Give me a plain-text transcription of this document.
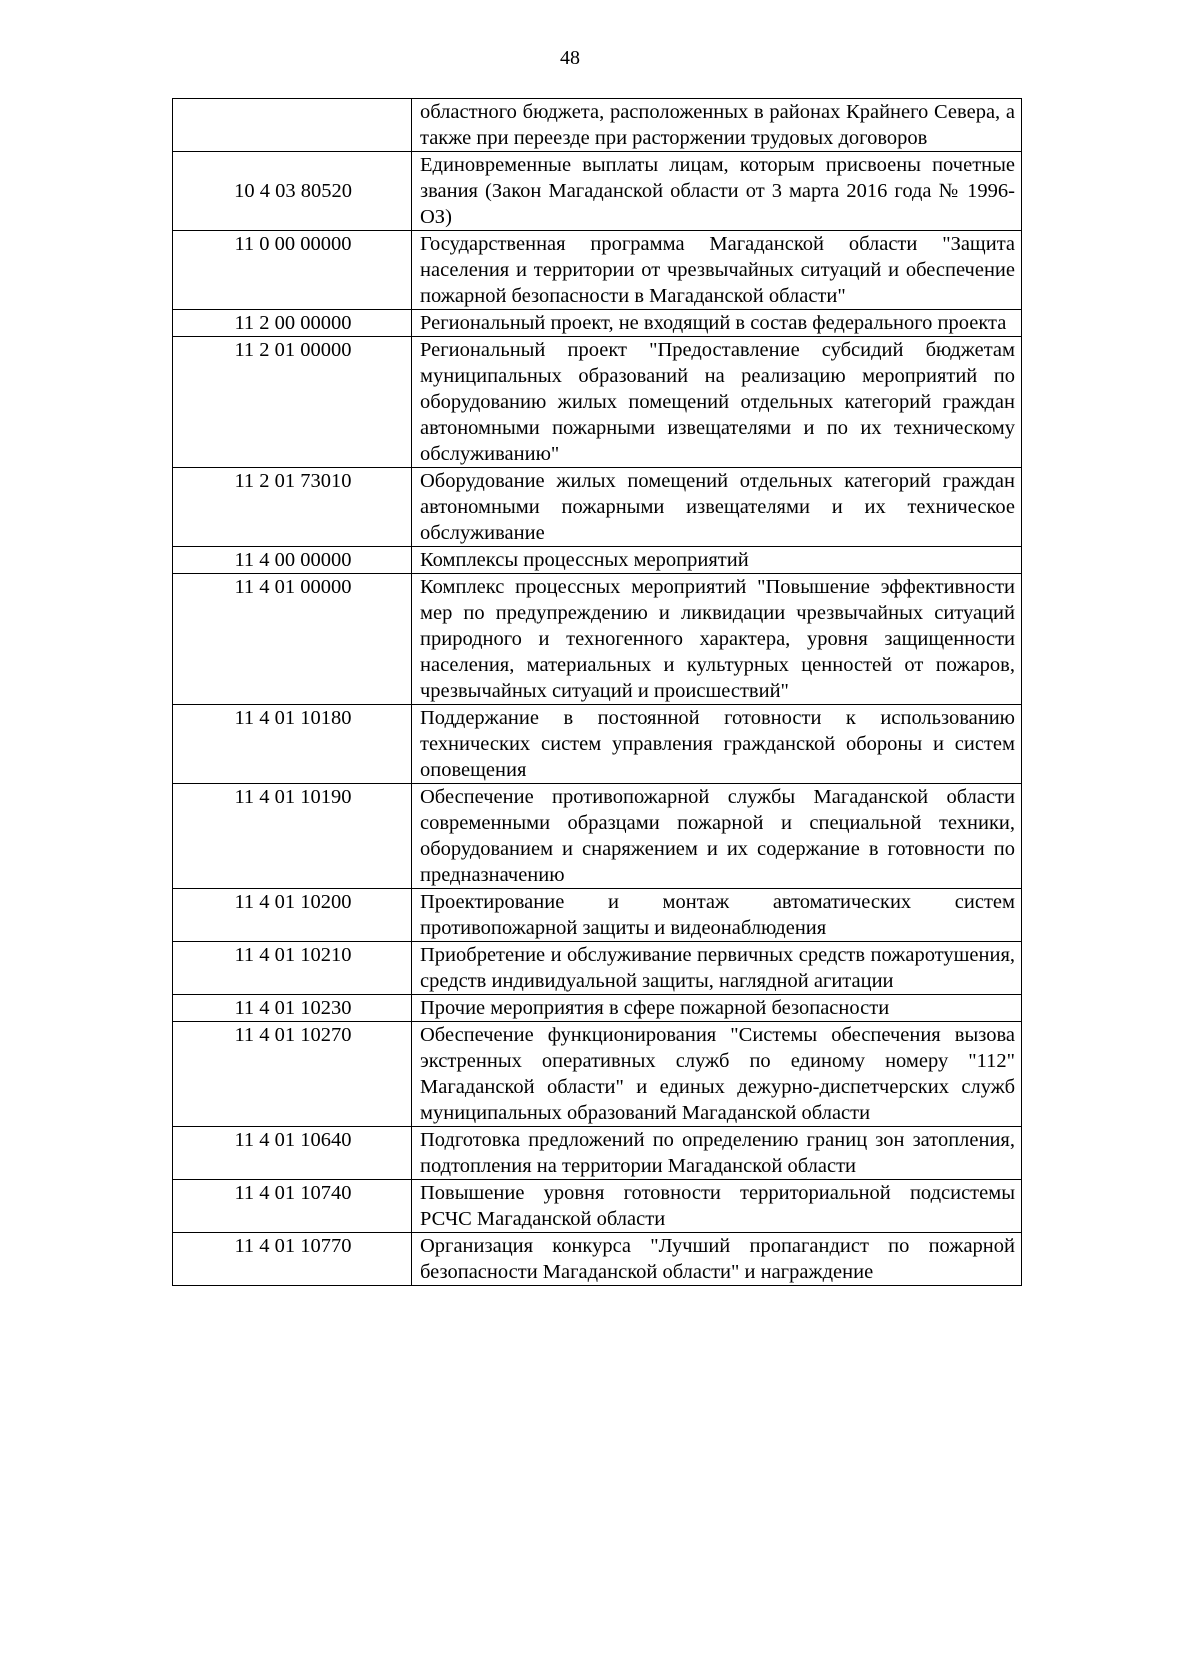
48
	областного бюджета, расположенных в районах Крайнего Севера, а также при переезде при расторжении трудовых договоров
10 4 03 80520	Единовременные выплаты лицам, которым присвоены почетные звания (Закон Магаданской области от 3 марта 2016 года № 1996-ОЗ)
11 0 00 00000	Государственная программа Магаданской области "Защита населения и территории от чрезвычайных ситуаций и обеспечение пожарной безопасности в Магаданской области"
11 2 00 00000	Региональный проект, не входящий в состав федерального проекта
11 2 01 00000	Региональный проект "Предоставление субсидий бюджетам муниципальных образований на реализацию мероприятий по оборудованию жилых помещений отдельных категорий граждан автономными пожарными извещателями и по их техническому обслуживанию"
11 2 01 73010	Оборудование жилых помещений отдельных категорий граждан автономными пожарными извещателями и их техническое обслуживание
11 4 00 00000	Комплексы процессных мероприятий
11 4 01 00000	Комплекс процессных мероприятий "Повышение эффективности мер по предупреждению и ликвидации чрезвычайных ситуаций природного и техногенного характера, уровня защищенности населения, материальных и культурных ценностей от пожаров, чрезвычайных ситуаций и происшествий"
11 4 01 10180	Поддержание в постоянной готовности к использованию технических систем управления гражданской обороны и систем оповещения
11 4 01 10190	Обеспечение противопожарной службы Магаданской области современными образцами пожарной и специальной техники, оборудованием и снаряжением и их содержание в готовности по предназначению
11 4 01 10200	Проектирование и монтаж автоматических систем противопожарной защиты и видеонаблюдения
11 4 01 10210	Приобретение и обслуживание первичных средств пожаротушения, средств индивидуальной защиты, наглядной агитации
11 4 01 10230	Прочие мероприятия в сфере пожарной безопасности
11 4 01 10270	Обеспечение функционирования "Системы обеспечения вызова экстренных оперативных служб по единому номеру "112" Магаданской области" и единых дежурно-диспетчерских служб муниципальных образований Магаданской области
11 4 01 10640	Подготовка предложений по определению границ зон затопления, подтопления на территории Магаданской области
11 4 01 10740	Повышение уровня готовности территориальной подсистемы РСЧС Магаданской области
11 4 01 10770	Организация конкурса "Лучший пропагандист по пожарной безопасности Магаданской области" и награждение
